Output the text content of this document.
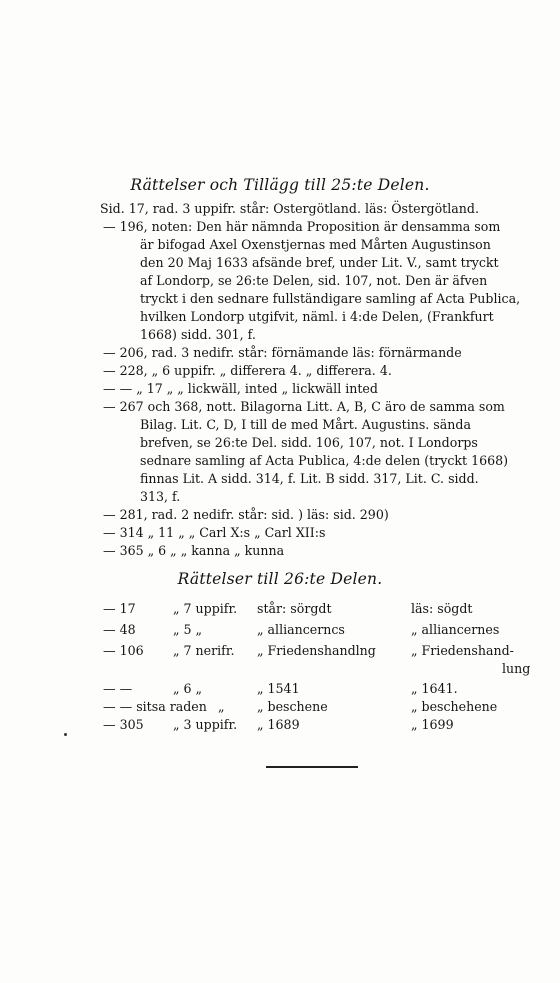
Rättelser och Tillägg till 25:te Delen.
Sid. 17, rad. 3 uppifr. står: Ostergötland. läs: Östergötland.
— 196, noten: Den här nämnda Proposition är densamma som
är bifogad Axel Oxenstjernas med Mårten Augustinson
den 20 Maj 1633 afsände bref, under Lit. V., samt tryckt
af Londorp, se 26:te Delen, sid. 107, not. Den är äfven
tryckt i den sednare fullständigare samling af Acta Publica,
hvilken Londorp utgifvit, näml. i 4:de Delen, (Frankfurt
1668) sidd. 301, f.
— 206, rad. 3 nedifr. står: förnämande läs: förnärmande
— 228, „ 6 uppifr. „ differera 4. „ differera. 4.
— — „ 17 „ „ lickwäll, inted „ lickwäll inted
— 267 och 368, nott. Bilagorna Litt. A, B, C äro de samma som
Bilag. Lit. C, D, I till de med Mårt. Augustins. sända
brefven, se 26:te Del. sidd. 106, 107, not. I Londorps
sednare samling af Acta Publica, 4:de delen (tryckt 1668)
finnas Lit. A sidd. 314, f. Lit. B sidd. 317, Lit. C. sidd.
313, f.
— 281, rad. 2 nedifr. står: sid. ) läs: sid. 290)
— 314 „ 11 „ „ Carl X:s „ Carl XII:s
— 365 „ 6 „ „ kanna „ kunna
Rättelser till 26:te Delen.
— 17	„ 7 uppifr. står: sörgdt	läs: sögdt
— 48	„ 5 „	„ alliancerncs	„ alliancernes
— 106 „ 7 nerifr. „ Friedenshandlng	„ Friedenshand-
lung
— —	„ 6 „	„ 1541	„ 1641.
— — sitsa raden „	„ beschene	„ beschehene
— 305 „ 3 uppifr. „ 1689	„ 1699
